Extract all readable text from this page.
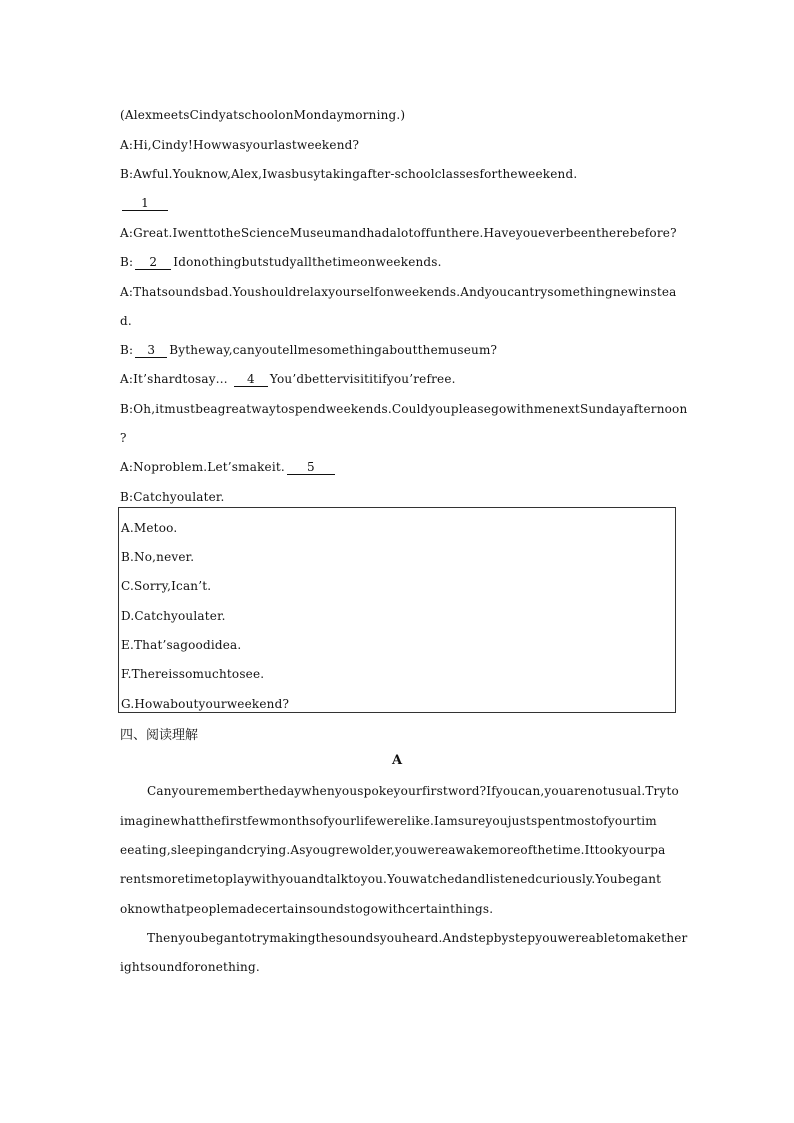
(AlexmeetsCindyatschoolonMondaymorning.)
A:Hi,Cindy!Howwasyourlastweekend?
B:Awful.Youknow,Alex,Iwasbusytakingafter-schoolclassesfortheweekend.
1
A:Great.IwenttotheScienceMuseumandhadalotoffunthere.Haveyoueverbeentherebefore?
B: 2 Idonothingbutstudyallthetimeonweekends.
A:Thatsoundsbad.Youshouldrelaxyourselfonweekends.Andyoucantrysomethingnewinstea
d.
B: 3 Bytheway,canyoutellmesomethingaboutthemuseum?
A:It’shardtosay… 4 You’dbettervisititifyou’refree.
B:Oh,itmustbeagreatwaytospendweekends.CouldyoupleasegowithmenextSundayafternoon
?
A:Noproblem.Let’smakeit. 5
B:Catchyoulater.
A.Metoo.
B.No,never.
C.Sorry,Ican’t.
D.Catchyoulater.
E.That’sagoodidea.
F.Thereissomuchtosee.
G.Howaboutyourweekend?
四、阅读理解
A
Canyourememberthedaywhenyouspokeyourfirstword?Ifyoucan,youarenotusual.Tryto
imaginewhatthefirstfewmonthsofyourlifewerelike.Iamsureyoujustspentmostofyourtim
eeating,sleepingandcrying.Asyougrewolder,youwereawakemoreofthetime.Ittookyourpa
rentsmoretimetoplaywithyouandtalktoyou.Youwatchedandlistenedcuriously.Youbegant
oknowthatpeoplemadecertainsoundstogowithcertainthings.
Thenyoubegantotrymakingthesoundsyouheard.Andstepbystepyouwereabletomakether
ightsoundforonething.
